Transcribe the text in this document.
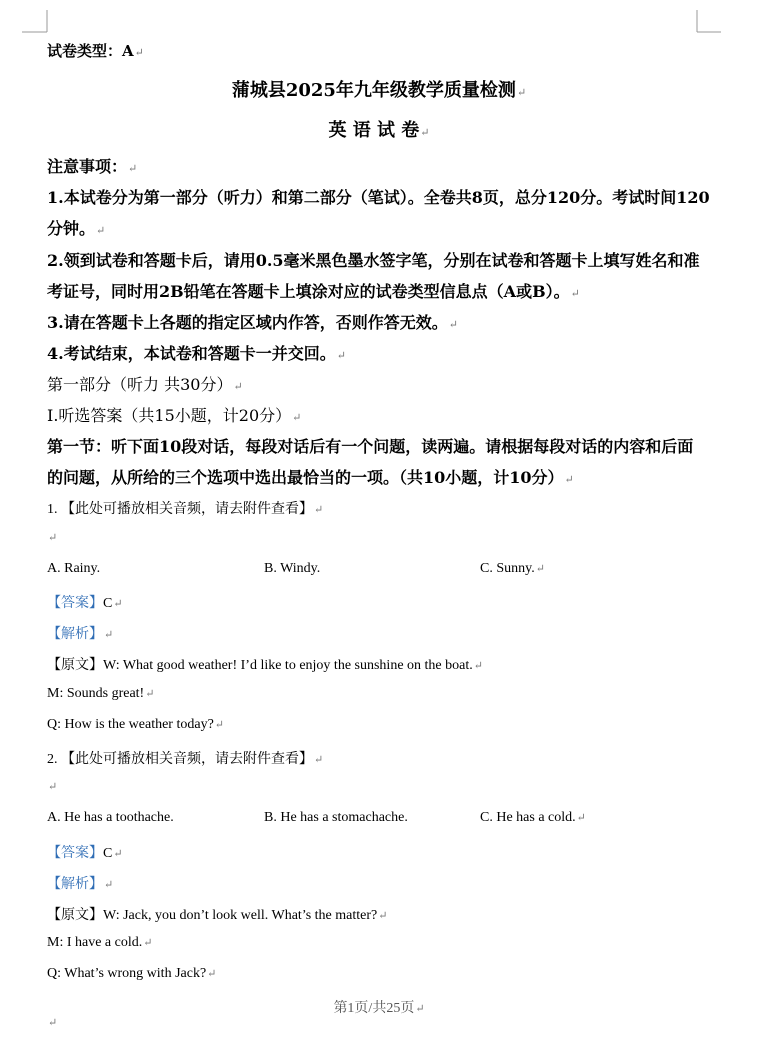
试卷类型：A↵
蒲城县2025年九年级教学质量检测↵
英 语 试 卷↵
注意事项：↵
1.本试卷分为第一部分（听力）和第二部分（笔试）。全卷共8页，总分120分。考试时间120
分钟。↵
2.领到试卷和答题卡后，请用0.5毫米黑色墨水签字笔，分别在试卷和答题卡上填写姓名和准
考证号，同时用2B铅笔在答题卡上填涂对应的试卷类型信息点（A或B）。↵
3.请在答题卡上各题的指定区域内作答，否则作答无效。↵
4.考试结束，本试卷和答题卡一并交回。↵
第一部分（听力 共30分）↵
Ⅰ.听选答案（共15小题，计20分）↵
第一节：听下面10段对话，每段对话后有一个问题，读两遍。请根据每段对话的内容和后面
的问题，从所给的三个选项中选出最恰当的一项。（共10小题，计10分）↵
1. 【此处可播放相关音频，请去附件查看】↵
↵
A. Rainy.	B. Windy.	C. Sunny.↵
【答案】C↵
【解析】↵
【原文】W: What good weather! I’d like to enjoy the sunshine on the boat.↵
M: Sounds great!↵
Q: How is the weather today?↵
2. 【此处可播放相关音频，请去附件查看】↵
↵
A. He has a toothache.	B. He has a stomachache.	C. He has a cold.↵
【答案】C↵
【解析】↵
【原文】W: Jack, you don’t look well. What’s the matter?↵
M: I have a cold.↵
Q: What’s wrong with Jack?↵
第1页/共25页↵
↵
